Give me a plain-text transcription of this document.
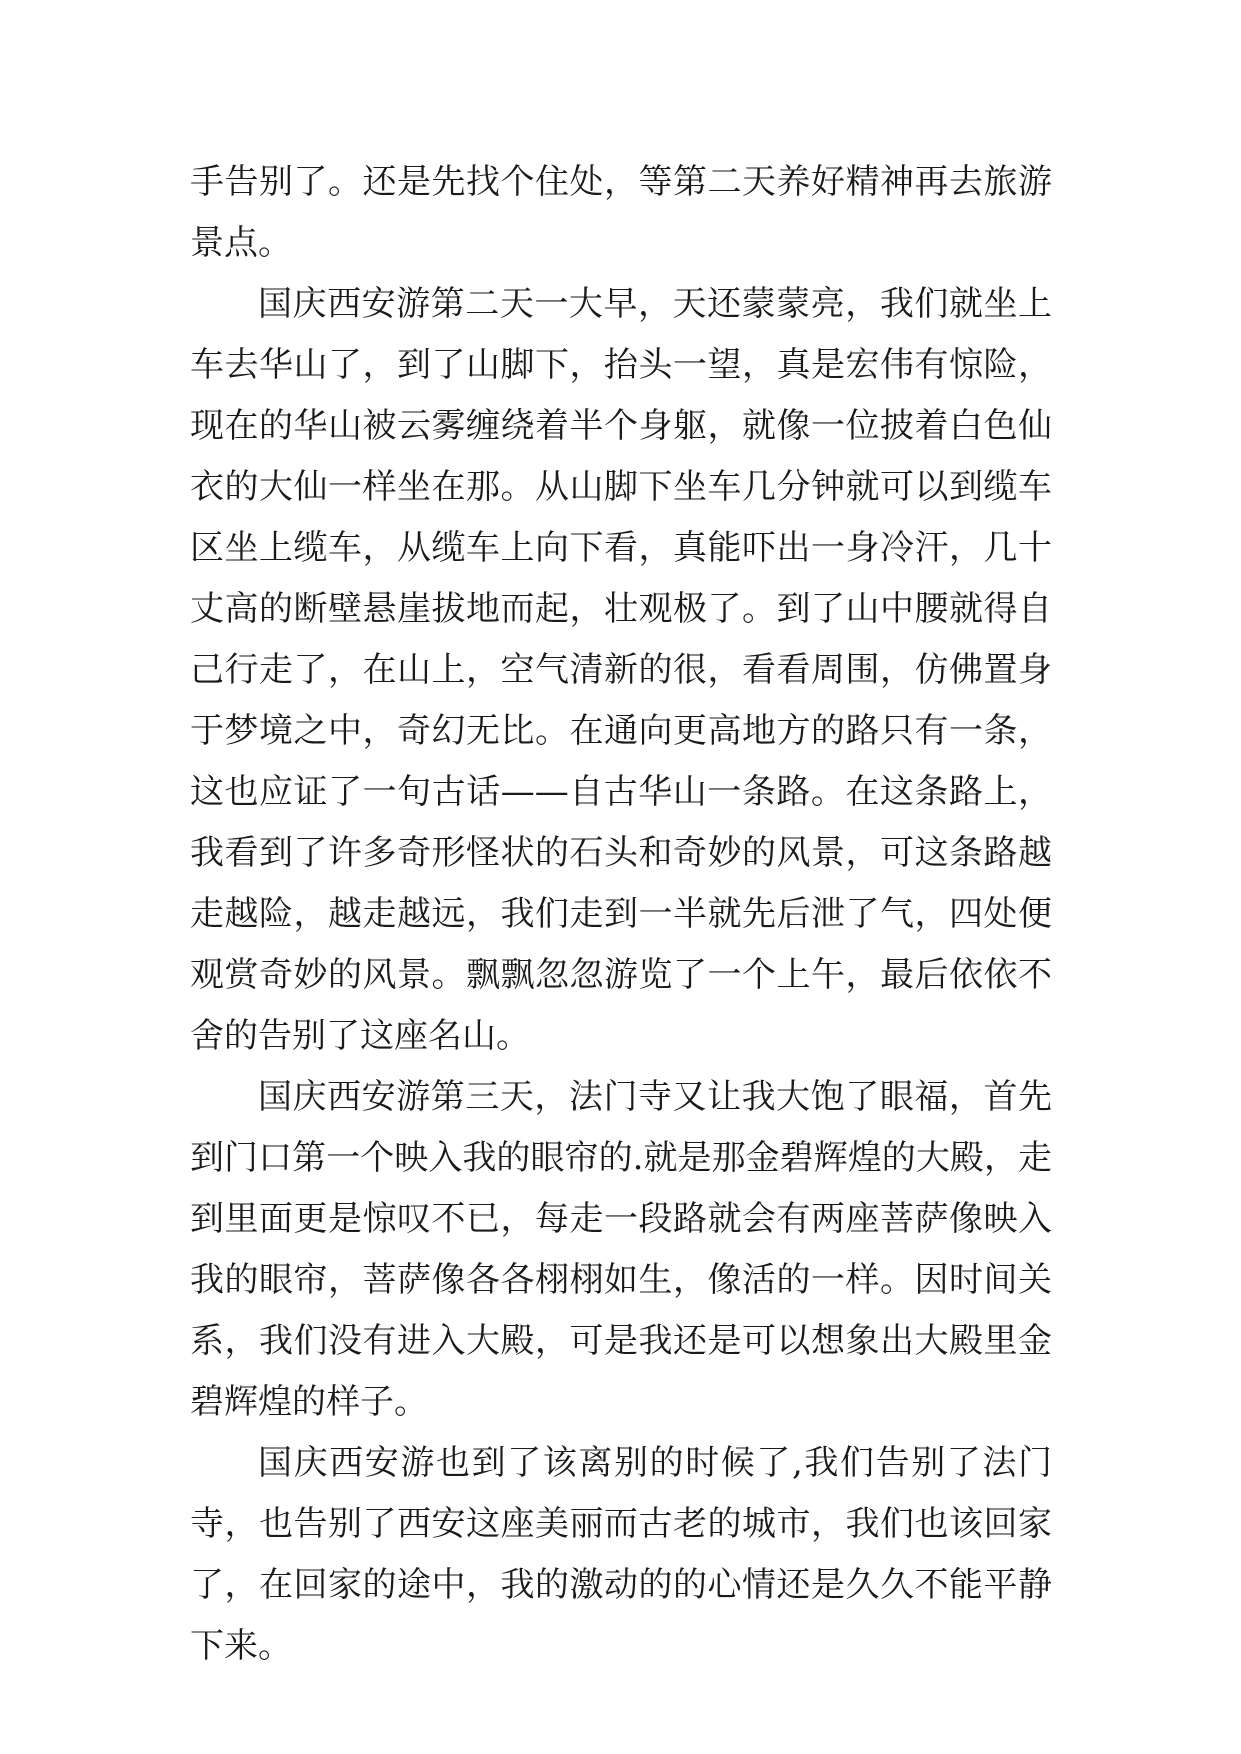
手告别了。还是先找个住处，等第二天养好精神再去旅游景点。

国庆西安游第二天一大早，天还蒙蒙亮，我们就坐上车去华山了，到了山脚下，抬头一望，真是宏伟有惊险，现在的华山被云雾缠绕着半个身躯，就像一位披着白色仙衣的大仙一样坐在那。从山脚下坐车几分钟就可以到缆车区坐上缆车，从缆车上向下看，真能吓出一身冷汗，几十丈高的断壁悬崖拔地而起，壮观极了。到了山中腰就得自己行走了，在山上，空气清新的很，看看周围，仿佛置身于梦境之中，奇幻无比。在通向更高地方的路只有一条，这也应证了一句古话——自古华山一条路。在这条路上，我看到了许多奇形怪状的石头和奇妙的风景，可这条路越走越险，越走越远，我们走到一半就先后泄了气，四处便观赏奇妙的风景。飘飘忽忽游览了一个上午，最后依依不舍的告别了这座名山。

国庆西安游第三天，法门寺又让我大饱了眼福，首先到门口第一个映入我的眼帘的.就是那金碧辉煌的大殿，走到里面更是惊叹不已，每走一段路就会有两座菩萨像映入我的眼帘，菩萨像各各栩栩如生，像活的一样。因时间关系，我们没有进入大殿，可是我还是可以想象出大殿里金碧辉煌的样子。

国庆西安游也到了该离别的时候了,我们告别了法门寺，也告别了西安这座美丽而古老的城市，我们也该回家了，在回家的途中，我的激动的的心情还是久久不能平静下来。
